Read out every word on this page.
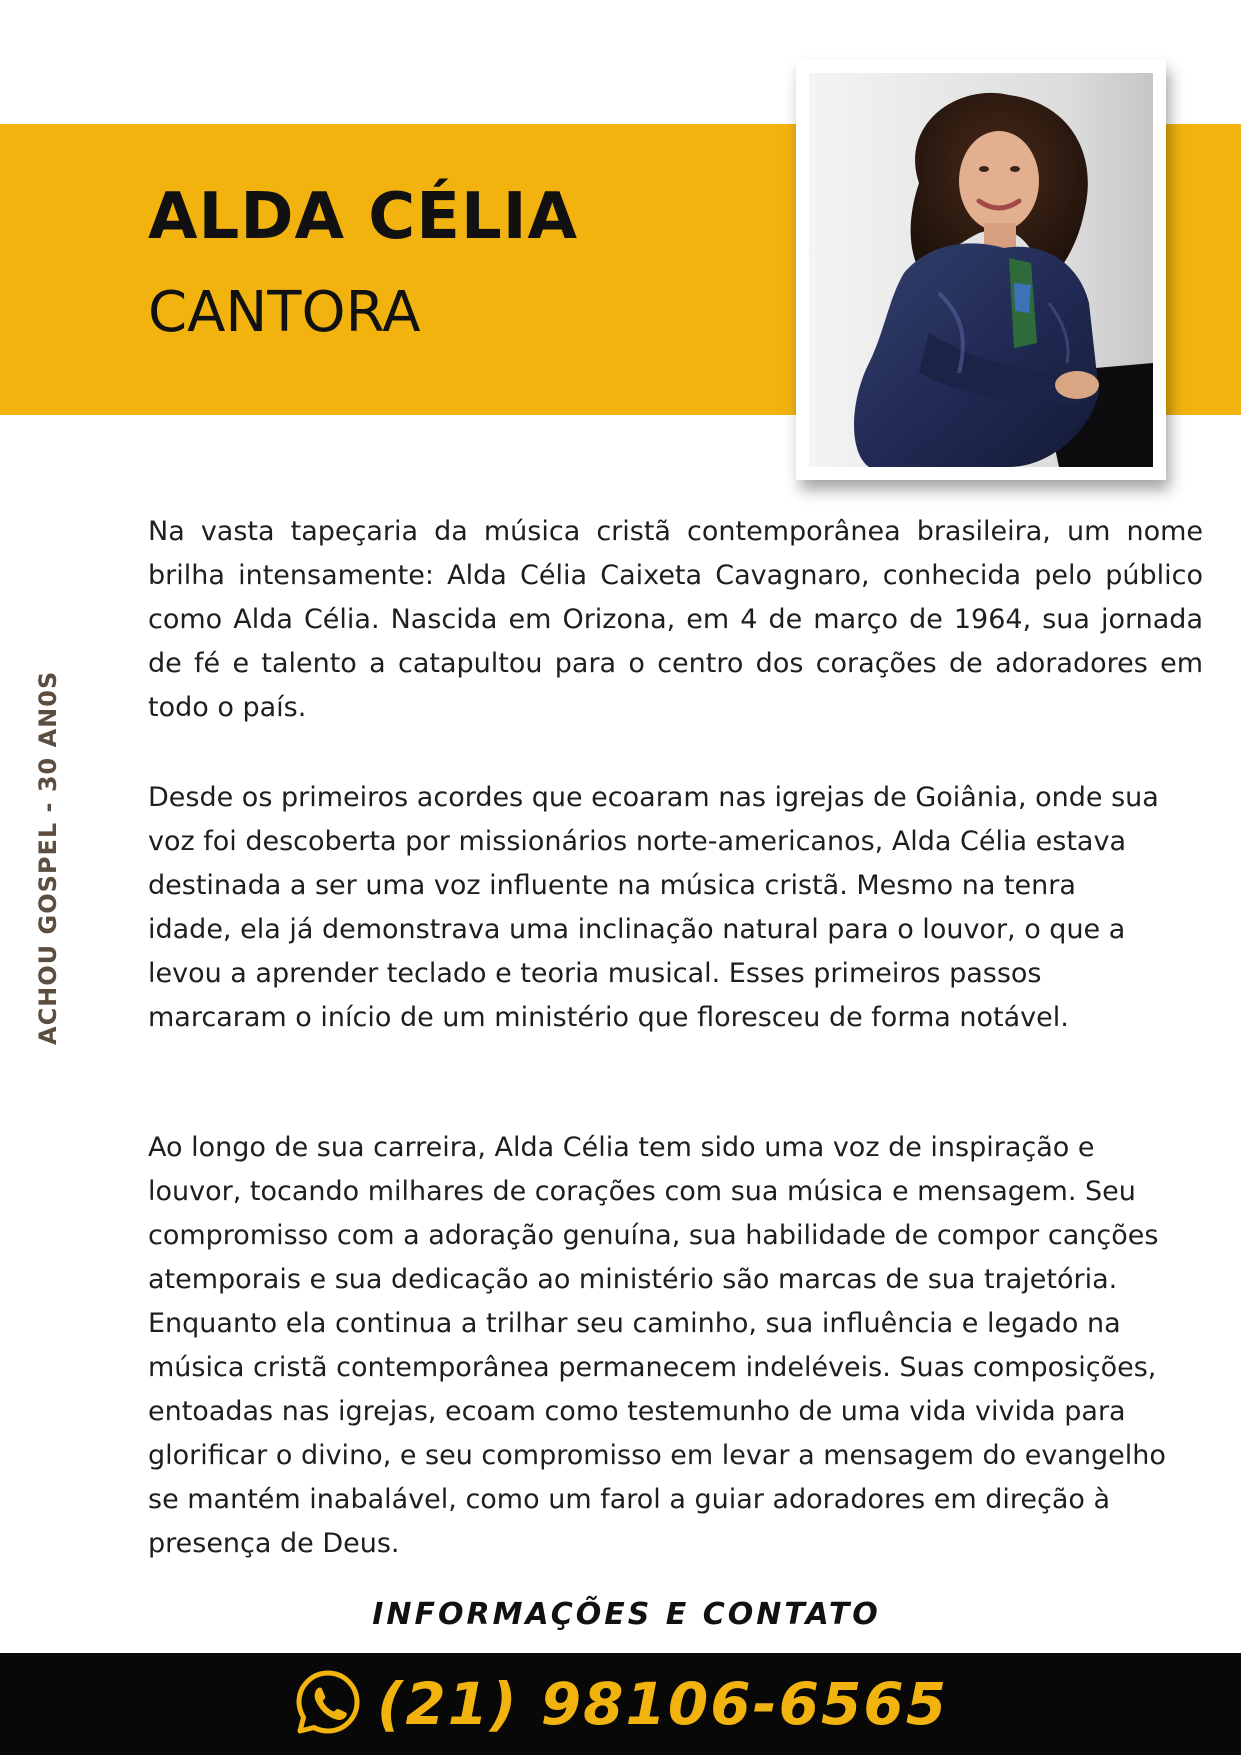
ALDA CÉLIA
CANTORA
ACHOU GOSPEL - 30 AN0S

Na vasta tapeçaria da música cristã contemporânea brasileira, um nome brilha intensamente: Alda Célia Caixeta Cavagnaro, conhecida pelo público como Alda Célia. Nascida em Orizona, em 4 de março de 1964, sua jornada de fé e talento a catapultou para o centro dos corações de adoradores em todo o país.

Desde os primeiros acordes que ecoaram nas igrejas de Goiânia, onde sua voz foi descoberta por missionários norte-americanos, Alda Célia estava destinada a ser uma voz influente na música cristã. Mesmo na tenra idade, ela já demonstrava uma inclinação natural para o louvor, o que a levou a aprender teclado e teoria musical. Esses primeiros passos marcaram o início de um ministério que floresceu de forma notável.

Ao longo de sua carreira, Alda Célia tem sido uma voz de inspiração e louvor, tocando milhares de corações com sua música e mensagem. Seu compromisso com a adoração genuína, sua habilidade de compor canções atemporais e sua dedicação ao ministério são marcas de sua trajetória. Enquanto ela continua a trilhar seu caminho, sua influência e legado na música cristã contemporânea permanecem indeléveis. Suas composições, entoadas nas igrejas, ecoam como testemunho de uma vida vivida para glorificar o divino, e seu compromisso em levar a mensagem do evangelho se mantém inabalável, como um farol a guiar adoradores em direção à presença de Deus.

INFORMAÇÕES E CONTATO
(21) 98106-6565
